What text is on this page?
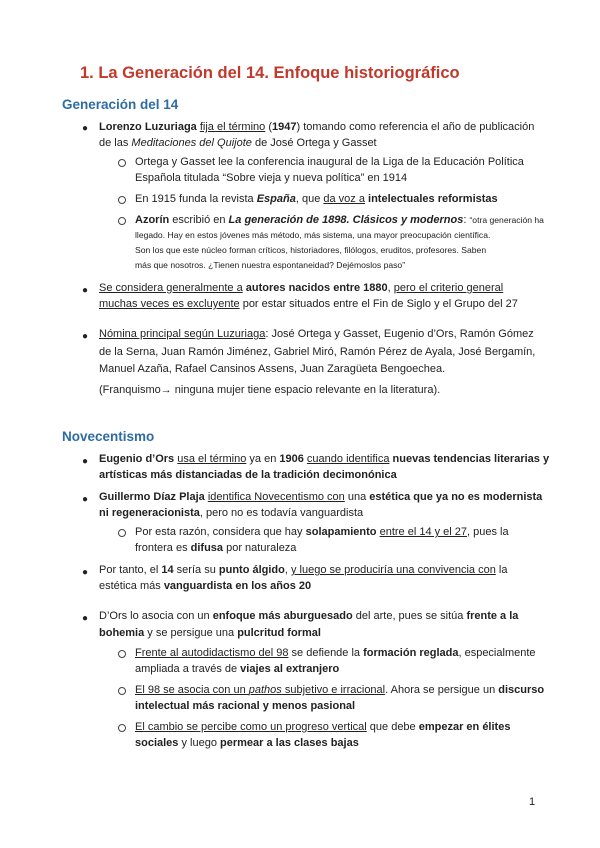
1. La Generación del 14. Enfoque historiográfico
Generación del 14
● Lorenzo Luzuriaga fija el término (1947) tomando como referencia el año de publicación
de las Meditaciones del Quijote de José Ortega y Gasset
Ortega y Gasset lee la conferencia inaugural de la Liga de la Educación Política
Española titulada “Sobre vieja y nueva política” en 1914
En 1915 funda la revista España, que da voz a intelectuales reformistas
Azorín escribió en La generación de 1898. Clásicos y modernos: “otra generación ha
llegado. Hay en estos jóvenes más método, más sistema, una mayor preocupación científica.
Son los que este núcleo forman críticos, historiadores, filólogos, eruditos, profesores. Saben
más que nosotros. ¿Tienen nuestra espontaneidad? Dejémoslos paso”
● Se considera generalmente a autores nacidos entre 1880, pero el criterio general
muchas veces es excluyente por estar situados entre el Fin de Siglo y el Grupo del 27
● Nómina principal según Luzuriaga: José Ortega y Gasset, Eugenio d’Ors, Ramón Gómez
de la Serna, Juan Ramón Jiménez, Gabriel Miró, Ramón Pérez de Ayala, José Bergamín,
Manuel Azaña, Rafael Cansinos Assens, Juan Zaragüeta Bengoechea.
(Franquismo→ ninguna mujer tiene espacio relevante en la literatura).
Novecentismo
● Eugenio d’Ors usa el término ya en 1906 cuando identifica nuevas tendencias literarias y
artísticas más distanciadas de la tradición decimonónica
● Guillermo Díaz Plaja identifica Novecentismo con una estética que ya no es modernista
ni regeneracionista, pero no es todavía vanguardista
Por esta razón, considera que hay solapamiento entre el 14 y el 27, pues la
frontera es difusa por naturaleza
● Por tanto, el 14 sería su punto álgido, y luego se produciría una convivencia con la
estética más vanguardista en los años 20
● D’Ors lo asocia con un enfoque más aburguesado del arte, pues se sitúa frente a la
bohemia y se persigue una pulcritud formal
Frente al autodidactismo del 98 se defiende la formación reglada, especialmente
ampliada a través de viajes al extranjero
El 98 se asocia con un pathos subjetivo e irracional. Ahora se persigue un discurso
intelectual más racional y menos pasional
El cambio se percibe como un progreso vertical que debe empezar en élites
sociales y luego permear a las clases bajas
1
